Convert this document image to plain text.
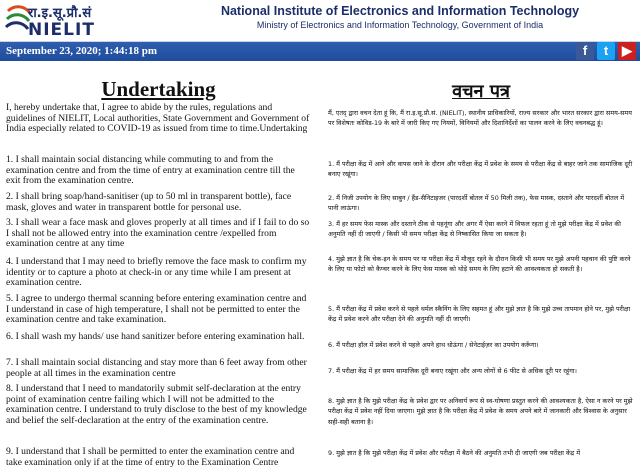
रा.इ.सू.प्रौ.सं
NIELIT
National Institute of Electronics and Information Technology
Ministry of Electronics and Information Technology, Government of India
September 23, 2020; 1:44:18 pm	f	t	▶
Undertaking
I, hereby undertake that, I agree to abide by the rules, regulations and guidelines of NIELIT, Local authorities, State Government and Government of India especially related to COVID-19 as issued from time to time.Undertaking
1. I shall maintain social distancing while commuting to and from the examination centre and from the time of entry at examination centre till the exit from the examination centre.
2. I shall bring soap/hand-sanitiser (up to 50 ml in transparent bottle), face mask, gloves and water in transparent bottle for personal use.
3. I shall wear a face mask and gloves properly at all times and if I fail to do so I shall not be allowed entry into the examination centre /expelled from examination centre at any time
4. I understand that I may need to briefly remove the face mask to confirm my identity or to capture a photo at check-in or any time while I am present at examination centre.
5. I agree to undergo thermal scanning before entering examination centre and I understand in case of high temperature, I shall not be permitted to enter the examination centre and take examination.
6. I shall wash my hands/ use hand sanitizer before entering examination hall.
7. I shall maintain social distancing and stay more than 6 feet away from other people at all times in the examination centre
8. I understand that I need to mandatorily submit self-declaration at the entry point of examination centre failing which I will not be admitted to the examination centre. I understand to truly disclose to the best of my knowledge and belief the self-declaration at the entry of the examination centre.
9. I understand that I shall be permitted to enter the examination centre and take examination only if at the time of entry to the Examination Centre
वचन पत्र
मैं, एतद् द्वारा वचन देता हूं कि, मैं रा.इ.सू.प्रौ.सं. (NIELIT), स्थानीय प्राधिकारियों, राज्य सरकार और भारत सरकार द्वारा समय-समय पर विशेषतः कोविड-19 के बारे में जारी किए गए नियमों, विनियमों और दिशानिर्देशों का पालन करने के लिए वचनबद्ध हूं।
1. मैं परीक्षा केंद्र में आने और वापस जाने के दौरान और परीक्षा केंद्र में प्रवेश के समय से परीक्षा केंद्र से बाहर जाने तक सामाजिक दूरी बनाए रखूंगा।
2. मैं निजी उपयोग के लिए साबुन / हैंड-सैनिटाइजर (पारदर्शी बोतल में 50 मिली तक), फेस मास्क, दस्ताने और पारदर्शी बोतल में पानी लाऊंगा।
3. मैं हर समय फेस मास्क और दस्ताने ठीक से पहनूंगा और अगर मैं ऐसा करने में विफल रहता हूं तो मुझे परीक्षा केंद्र में प्रवेश की अनुमति नहीं दी जाएगी / किसी भी समय परीक्षा केंद्र से निष्कासित किया जा सकता है।
4. मुझे ज्ञात है कि चेक-इन के समय पर या परीक्षा केंद्र में मौजूद रहने के दौरान किसी भी समय पर मुझे अपनी पहचान की पुष्टि करने के लिए या फोटो को कैप्चर करने के लिए फेस मास्क को थोड़े समय के लिए हटाने की आवश्यकता हो सकती है।
5. मैं परीक्षा केंद्र में प्रवेश करने से पहले थर्मल स्कैनिंग के लिए सहमत हूं और मुझे ज्ञात है कि मुझे उच्च तापमान होने पर, मुझे परीक्षा केंद्र में प्रवेश करने और परीक्षा देने की अनुमति नहीं दी जाएगी।
6. मैं परीक्षा हॉल में प्रवेश करने से पहले अपने हाथ धोऊंगा / सेनेटाईज़र का उपयोग करूँगा।
7. मैं परीक्षा केंद्र में हर समय सामाजिक दूरी बनाए रखूंगा और अन्य लोगों से 6 फीट से अधिक दूरी पर रहूंगा।
8. मुझे ज्ञात है कि मुझे परीक्षा केंद्र के प्रवेश द्वार पर अनिवार्य रूप से स्व-घोषणा प्रस्तुत करने की आवश्यकता है, ऐसा न करने पर मुझे परीक्षा केंद्र में प्रवेश नहीं दिया जाएगा। मुझे ज्ञात है कि परीक्षा केंद्र में प्रवेश के समय अपने बारे में जानकारी और विश्वास के अनुसार सही-सही बताना है।
9. मुझे ज्ञात है कि मुझे परीक्षा केंद्र में प्रवेश और परीक्षा में बैठने की अनुमति तभी दी जाएगी जब परीक्षा केंद्र में
